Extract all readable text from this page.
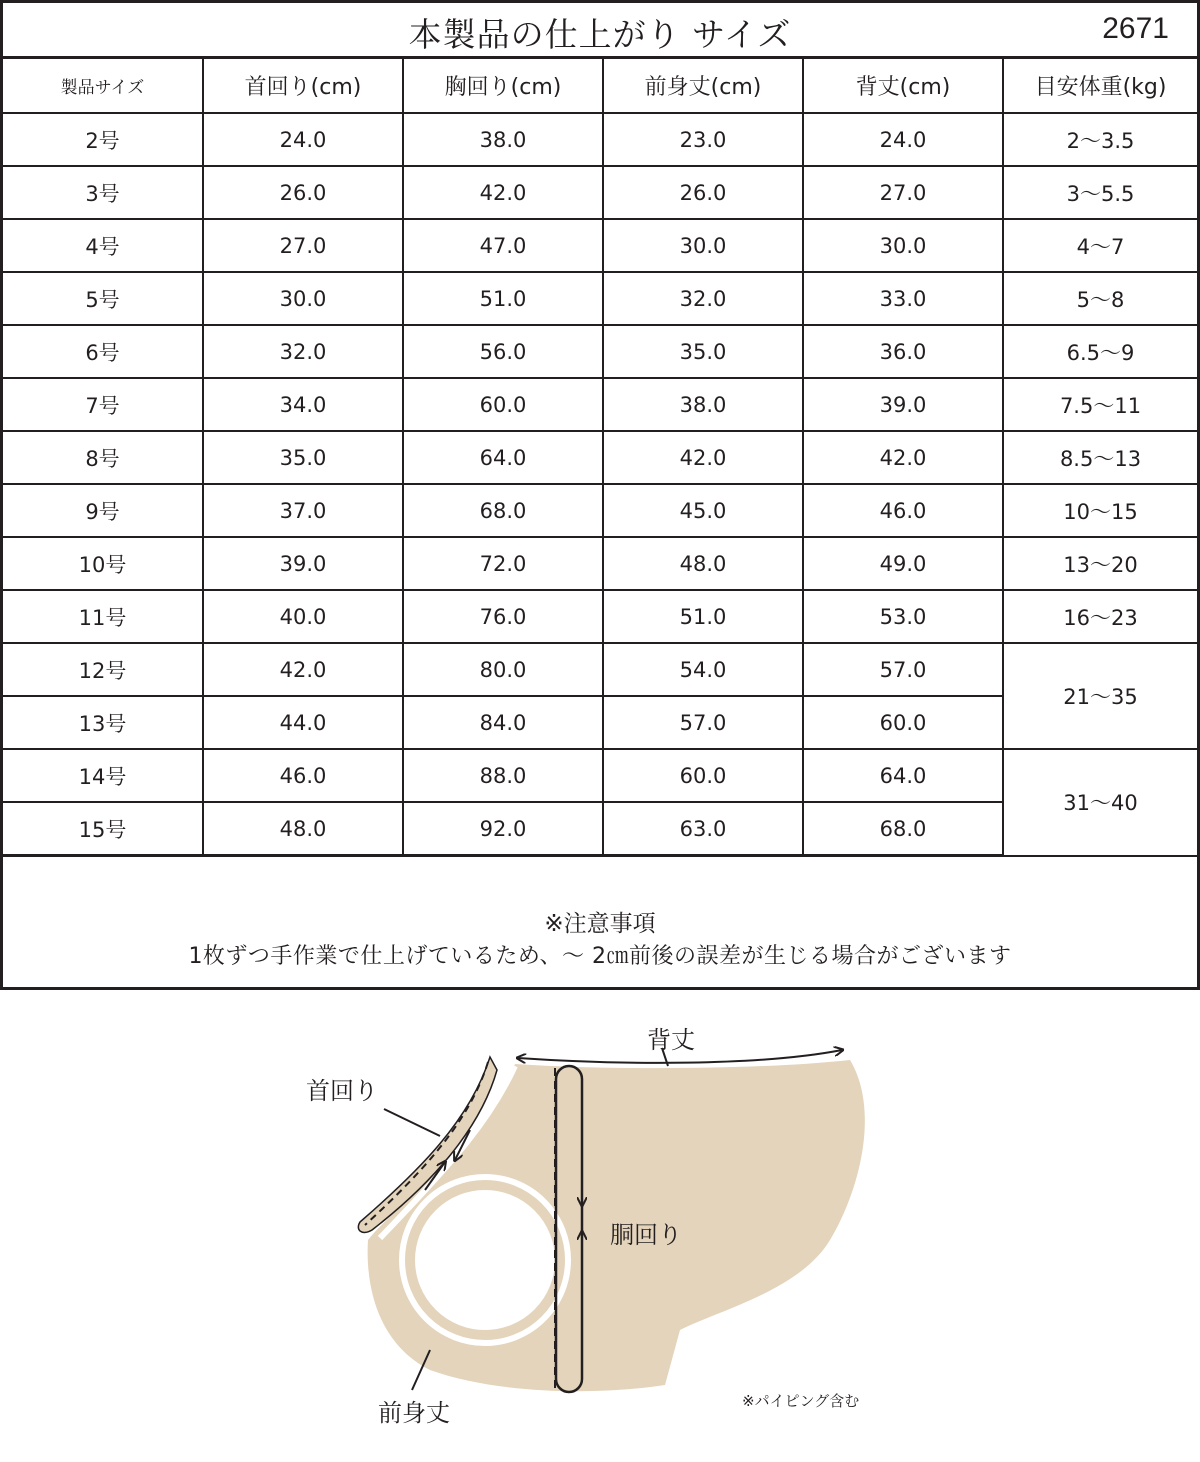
本製品の仕上がり サイズ	2671
製品サイズ	首回り(cm)	胸回り(cm)	前身丈(cm)	背丈(cm)	目安体重(kg)
2号	24.0	38.0	23.0	24.0	2～3.5
3号	26.0	42.0	26.0	27.0	3～5.5
4号	27.0	47.0	30.0	30.0	4～7
5号	30.0	51.0	32.0	33.0	5～8
6号	32.0	56.0	35.0	36.0	6.5～9
7号	34.0	60.0	38.0	39.0	7.5～11
8号	35.0	64.0	42.0	42.0	8.5～13
9号	37.0	68.0	45.0	46.0	10～15
10号	39.0	72.0	48.0	49.0	13～20
11号	40.0	76.0	51.0	53.0	16～23
12号	42.0	80.0	54.0	57.0	21～35
13号	44.0	84.0	57.0	60.0	
14号	46.0	88.0	60.0	64.0	31～40
15号	48.0	92.0	63.0	68.0	
※注意事項
1枚ずつ手作業で仕上げているため、～ 2㎝前後の誤差が生じる場合がございます
背丈
首回り
胴回り
前身丈	※パイピング含む
